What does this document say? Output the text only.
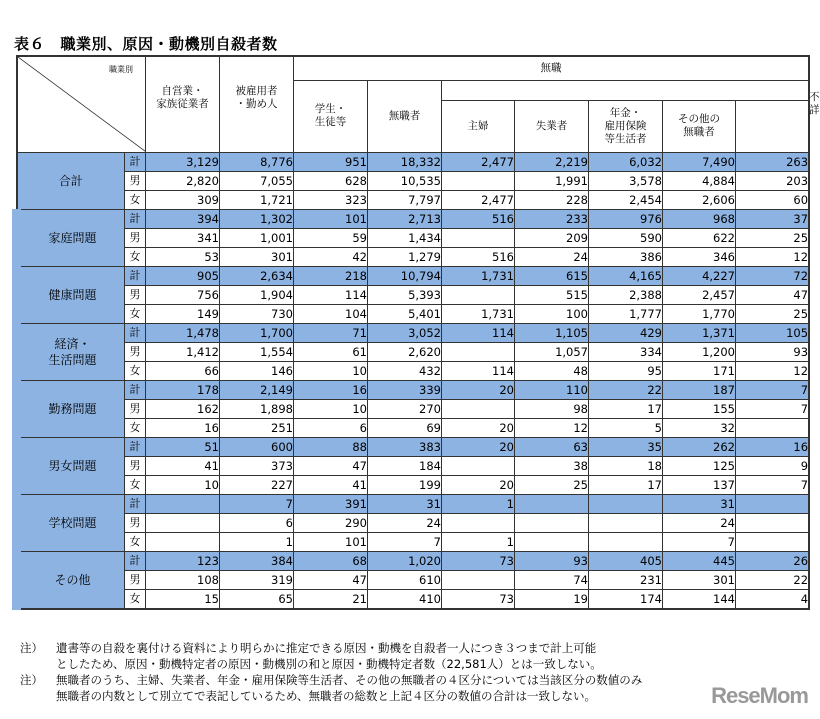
表６　職業別、原因・動機別自殺者数
職業別		自営業・
家族従業者	被雇用者
・勤め人	無職							不詳
				学生・
生徒等	無職者						
						主婦	失業者	年金・
雇用保険
等生活者	その他の
無職者		
合計	計	3,129	8,776	951	18,332	2,477	2,219	6,032	7,490	263	
	男	2,820	7,055	628	10,535		1,991	3,578	4,884	203	
	女	309	1,721	323	7,797	2,477	228	2,454	2,606	60	
家庭問題	計	394	1,302	101	2,713	516	233	976	968	37	
	男	341	1,001	59	1,434		209	590	622	25	
	女	53	301	42	1,279	516	24	386	346	12	
健康問題	計	905	2,634	218	10,794	1,731	615	4,165	4,227	72	
	男	756	1,904	114	5,393		515	2,388	2,457	47	
	女	149	730	104	5,401	1,731	100	1,777	1,770	25	
経済・
生活問題	計	1,478	1,700	71	3,052	114	1,105	429	1,371	105	
	男	1,412	1,554	61	2,620		1,057	334	1,200	93	
	女	66	146	10	432	114	48	95	171	12	
勤務問題	計	178	2,149	16	339	20	110	22	187	7	
	男	162	1,898	10	270		98	17	155	7	
	女	16	251	6	69	20	12	5	32		
男女問題	計	51	600	88	383	20	63	35	262	16	
	男	41	373	47	184		38	18	125	9	
	女	10	227	41	199	20	25	17	137	7	
学校問題	計		7	391	31	1			31		
	男		6	290	24				24		
	女		1	101	7	1			7		
その他	計	123	384	68	1,020	73	93	405	445	26	
	男	108	319	47	610		74	231	301	22	
	女	15	65	21	410	73	19	174	144	4	
注）	遺書等の自殺を裏付ける資料により明らかに推定できる原因・動機を自殺者一人につき３つまで計上可能
としたため、原因・動機特定者の原因・動機別の和と原因・動機特定者数（22,581人）とは一致しない。
注）	無職者のうち、主婦、失業者、年金・雇用保険等生活者、その他の無職者の４区分については当該区分の数値のみ
無職者の内数として別立てで表記しているため、無職者の総数と上記４区分の数値の合計は一致しない。	ReseMom
